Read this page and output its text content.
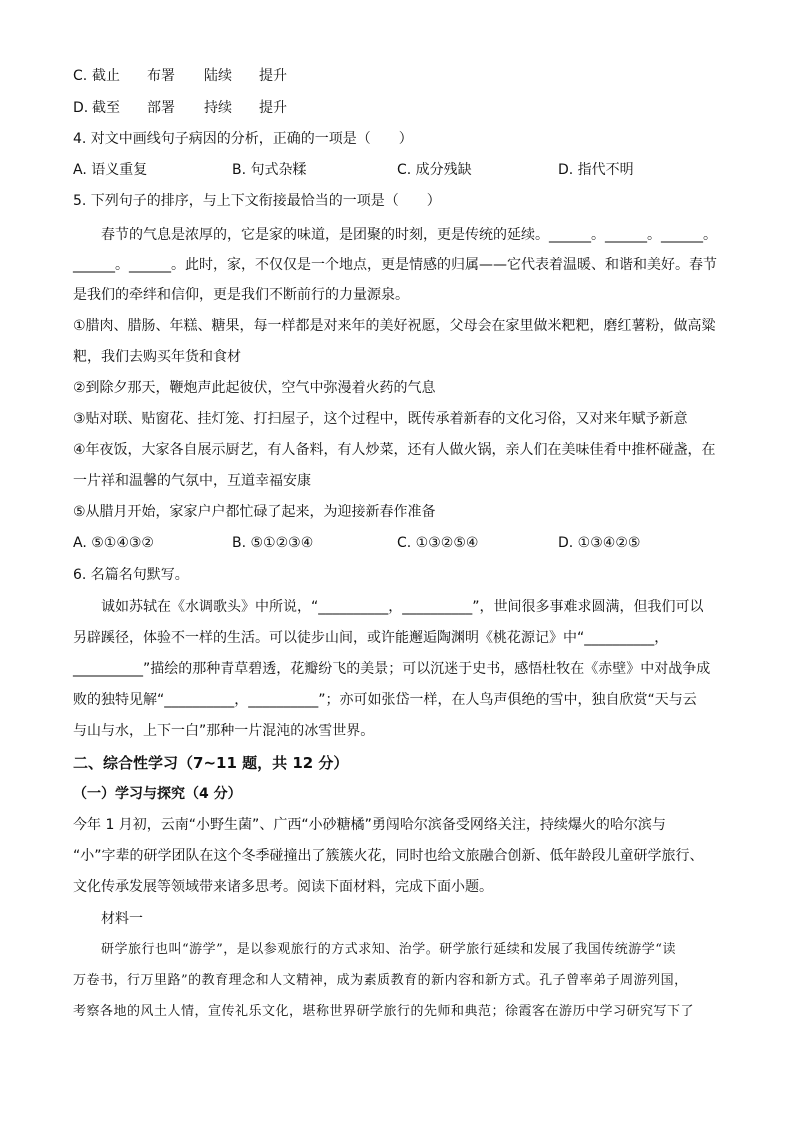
C. 截止 布署 陆续 提升
D. 截至 部署 持续 提升
4. 对文中画线句子病因的分析，正确的一项是（　　）
A. 语义重复	B. 句式杂糅	C. 成分残缺	D. 指代不明
5. 下列句子的排序，与上下文衔接最恰当的一项是（　　）
春节的气息是浓厚的，它是家的味道，是团聚的时刻，更是传统的延续。______。______。______。
______。______。此时，家，不仅仅是一个地点，更是情感的归属——它代表着温暖、和谐和美好。春节
是我们的牵绊和信仰，更是我们不断前行的力量源泉。
①腊肉、腊肠、年糕、糖果，每一样都是对来年的美好祝愿，父母会在家里做米粑粑，磨红薯粉，做高粱
粑，我们去购买年货和食材
②到除夕那天，鞭炮声此起彼伏，空气中弥漫着火药的气息
③贴对联、贴窗花、挂灯笼、打扫屋子，这个过程中，既传承着新春的文化习俗，又对来年赋予新意
④年夜饭，大家各自展示厨艺，有人备料，有人炒菜，还有人做火锅，亲人们在美味佳肴中推杯碰盏，在
一片祥和温馨的气氛中，互道幸福安康
⑤从腊月开始，家家户户都忙碌了起来，为迎接新春作准备
A. ⑤①④③②	B. ⑤①②③④	C. ①③②⑤④	D. ①③④②⑤
6. 名篇名句默写。
诚如苏轼在《水调歌头》中所说，“__________，__________”，世间很多事难求圆满，但我们可以
另辟蹊径，体验不一样的生活。可以徒步山间，或许能邂逅陶渊明《桃花源记》中“__________，
__________”描绘的那种青草碧透，花瓣纷飞的美景；可以沉迷于史书，感悟杜牧在《赤壁》中对战争成
败的独特见解“__________，__________”；亦可如张岱一样，在人鸟声俱绝的雪中，独自欣赏“天与云
与山与水，上下一白”那种一片混沌的冰雪世界。
二、综合性学习（7~11 题，共 12 分）
（一）学习与探究（4 分）
今年 1 月初，云南“小野生菌”、广西“小砂糖橘”勇闯哈尔滨备受网络关注，持续爆火的哈尔滨与
“小”字辈的研学团队在这个冬季碰撞出了簇簇火花，同时也给文旅融合创新、低年龄段儿童研学旅行、
文化传承发展等领域带来诸多思考。阅读下面材料，完成下面小题。
材料一
研学旅行也叫“游学”，是以参观旅行的方式求知、治学。研学旅行延续和发展了我国传统游学“读
万卷书，行万里路”的教育理念和人文精神，成为素质教育的新内容和新方式。孔子曾率弟子周游列国，
考察各地的风土人情，宣传礼乐文化，堪称世界研学旅行的先师和典范；徐霞客在游历中学习研究写下了
